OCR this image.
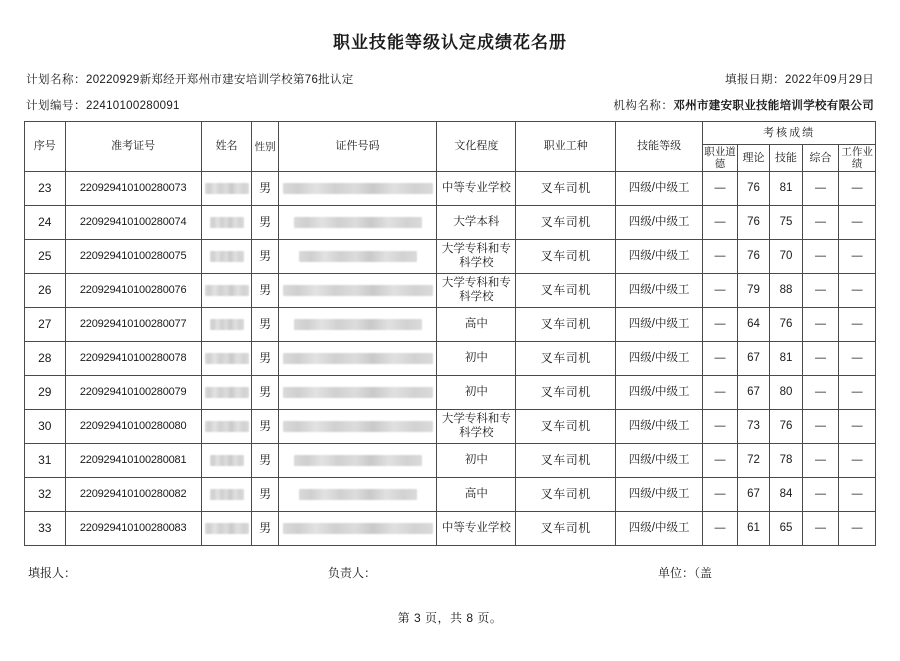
职业技能等级认定成绩花名册
计划名称：20220929新郑经开郑州市建安培训学校第76批认定	填报日期：2022年09月29日
计划编号：22410100280091	机构名称：邓州市建安职业技能培训学校有限公司
序号	准考证号	姓名	性别	证件号码	文化程度	职业工种	技能等级	考核成绩				
								职业道德	理论	技能	综合	工作业绩
23	220929410100280073		男		中等专业学校	叉车司机	四级/中级工	—	76	81	—	—
24	220929410100280074		男		大学本科	叉车司机	四级/中级工	—	76	75	—	—
25	220929410100280075		男		大学专科和专科学校	叉车司机	四级/中级工	—	76	70	—	—
26	220929410100280076		男		大学专科和专科学校	叉车司机	四级/中级工	—	79	88	—	—
27	220929410100280077		男		高中	叉车司机	四级/中级工	—	64	76	—	—
28	220929410100280078		男		初中	叉车司机	四级/中级工	—	67	81	—	—
29	220929410100280079		男		初中	叉车司机	四级/中级工	—	67	80	—	—
30	220929410100280080		男		大学专科和专科学校	叉车司机	四级/中级工	—	73	76	—	—
31	220929410100280081		男		初中	叉车司机	四级/中级工	—	72	78	—	—
32	220929410100280082		男		高中	叉车司机	四级/中级工	—	67	84	—	—
33	220929410100280083		男		中等专业学校	叉车司机	四级/中级工	—	61	65	—	—
填报人：	负责人：	单位：（盖
第 3 页，共 8 页。
